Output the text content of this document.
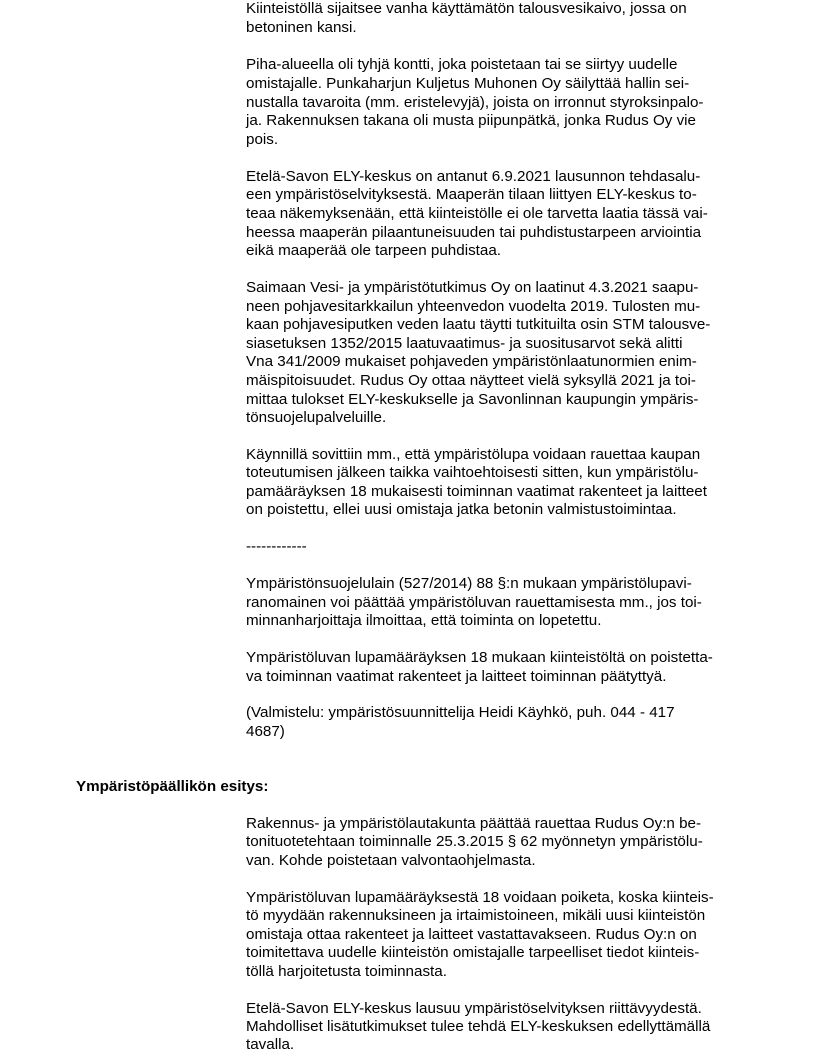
Kiinteistöllä sijaitsee vanha käyttämätön talousvesikaivo, jossa on

betoninen kansi.

Piha-alueella oli tyhjä kontti, joka poistetaan tai se siirtyy uudelle

omistajalle. Punkaharjun Kuljetus Muhonen Oy säilyttää hallin sei-

nustalla tavaroita (mm. eristelevyjä), joista on irronnut styroksinpalo-

ja. Rakennuksen takana oli musta piipunpätkä, jonka Rudus Oy vie

pois.

Etelä-Savon ELY-keskus on antanut 6.9.2021 lausunnon tehdasalu-

een ympäristöselvityksestä. Maaperän tilaan liittyen ELY-keskus to-

teaa näkemyksenään, että kiinteistölle ei ole tarvetta laatia tässä vai-

heessa maaperän pilaantuneisuuden tai puhdistustarpeen arviointia

eikä maaperää ole tarpeen puhdistaa.

Saimaan Vesi- ja ympäristötutkimus Oy on laatinut 4.3.2021 saapu-

neen pohjavesitarkkailun yhteenvedon vuodelta 2019. Tulosten mu-

kaan pohjavesiputken veden laatu täytti tutkituilta osin STM talousve-

siasetuksen 1352/2015 laatuvaatimus- ja suositusarvot sekä alitti

Vna 341/2009 mukaiset pohjaveden ympäristönlaatunormien enim-

mäispitoisuudet. Rudus Oy ottaa näytteet vielä syksyllä 2021 ja toi-

mittaa tulokset ELY-keskukselle ja Savonlinnan kaupungin ympäris-

tönsuojelupalveluille.

Käynnillä sovittiin mm., että ympäristölupa voidaan rauettaa kaupan

toteutumisen jälkeen taikka vaihtoehtoisesti sitten, kun ympäristölu-

pamääräyksen 18 mukaisesti toiminnan vaatimat rakenteet ja laitteet

on poistettu, ellei uusi omistaja jatka betonin valmistustoimintaa.

------------

Ympäristönsuojelulain (527/2014) 88 §:n mukaan ympäristölupavi-

ranomainen voi päättää ympäristöluvan rauettamisesta mm., jos toi-

minnanharjoittaja ilmoittaa, että toiminta on lopetettu.

Ympäristöluvan lupamääräyksen 18 mukaan kiinteistöltä on poistetta-

va toiminnan vaatimat rakenteet ja laitteet toiminnan päätyttyä.

(Valmistelu: ympäristösuunnittelija Heidi Käyhkö, puh. 044 - 417

4687)

Ympäristöpäällikön esitys:

Rakennus- ja ympäristölautakunta päättää rauettaa Rudus Oy:n be-

tonituotetehtaan toiminnalle 25.3.2015 § 62 myönnetyn ympäristölu-

van. Kohde poistetaan valvontaohjelmasta.

Ympäristöluvan lupamääräyksestä 18 voidaan poiketa, koska kiinteis-

tö myydään rakennuksineen ja irtaimistoineen, mikäli uusi kiinteistön

omistaja ottaa rakenteet ja laitteet vastattavakseen. Rudus Oy:n on

toimitettava uudelle kiinteistön omistajalle tarpeelliset tiedot kiinteis-

töllä harjoitetusta toiminnasta.

Etelä-Savon ELY-keskus lausuu ympäristöselvityksen riittävyydestä.

Mahdolliset lisätutkimukset tulee tehdä ELY-keskuksen edellyttämällä

tavalla.
